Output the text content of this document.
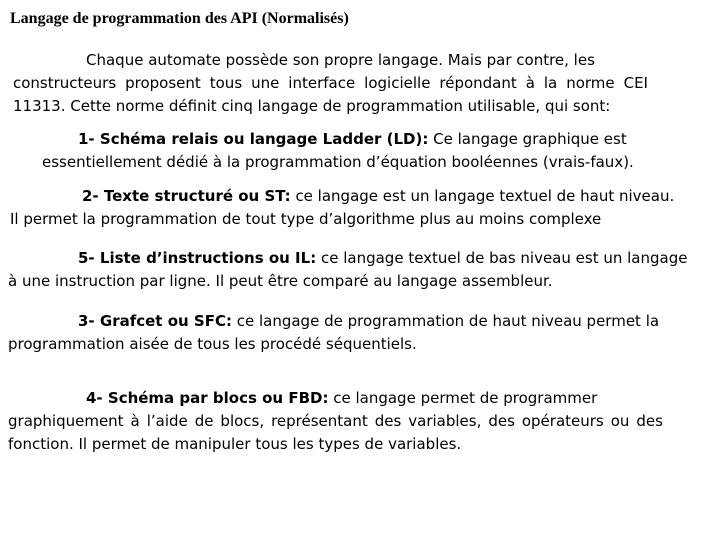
Langage de programmation des API (Normalisés)
Chaque automate possède son propre langage. Mais par contre, les
constructeurs proposent tous une interface logicielle répondant à la norme CEI
11313. Cette norme définit cinq langage de programmation utilisable, qui sont:
1- Schéma relais ou langage Ladder (LD): Ce langage graphique est
essentiellement dédié à la programmation d’équation booléennes (vrais-faux).
2- Texte structuré ou ST: ce langage est un langage textuel de haut niveau.
Il permet la programmation de tout type d’algorithme plus au moins complexe
5- Liste d’instructions ou IL: ce langage textuel de bas niveau est un langage
à une instruction par ligne. Il peut être comparé au langage assembleur.
3- Grafcet ou SFC: ce langage de programmation de haut niveau permet la
programmation aisée de tous les procédé séquentiels.
4- Schéma par blocs ou FBD: ce langage permet de programmer
graphiquement à l’aide de blocs, représentant des variables, des opérateurs ou des
fonction. Il permet de manipuler tous les types de variables.
